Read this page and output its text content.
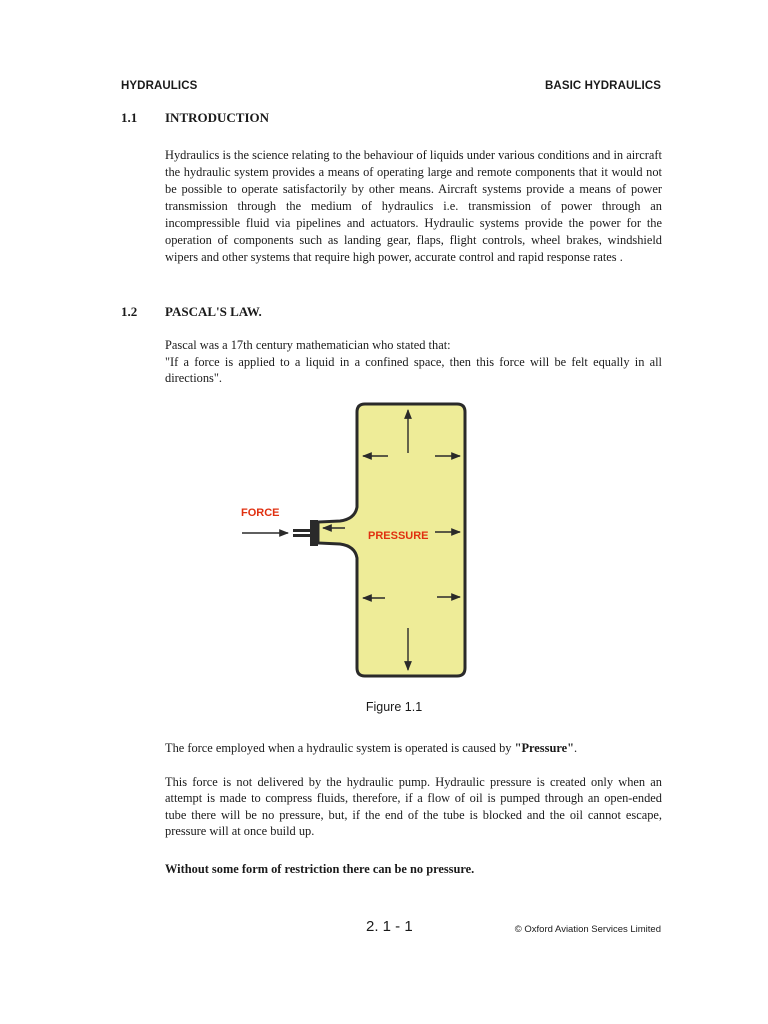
HYDRAULICS	BASIC HYDRAULICS
1.1 INTRODUCTION

Hydraulics is the science relating to the behaviour of liquids under various conditions and in aircraft the hydraulic system provides a means of operating large and remote components that it would not be possible to operate satisfactorily by other means. Aircraft systems provide a means of power transmission through the medium of hydraulics i.e. transmission of power through an incompressible fluid via pipelines and actuators. Hydraulic systems provide the power for the operation of components such as landing gear, flaps, flight controls, wheel brakes, windshield wipers and other systems that require high power, accurate control and rapid response rates .

1.2 PASCAL'S LAW.

Pascal was a 17th century mathematician who stated that:

"If a force is applied to a liquid in a confined space, then this force will be felt equally in all directions".

FORCE
PRESSURE
Figure 1.1

The force employed when a hydraulic system is operated is caused by "Pressure".

This force is not delivered by the hydraulic pump. Hydraulic pressure is created only when an attempt is made to compress fluids, therefore, if a flow of oil is pumped through an open-ended tube there will be no pressure, but, if the end of the tube is blocked and the oil cannot escape, pressure will at once build up.

Without some form of restriction there can be no pressure.

2. 1 - 1	© Oxford Aviation Services Limited
